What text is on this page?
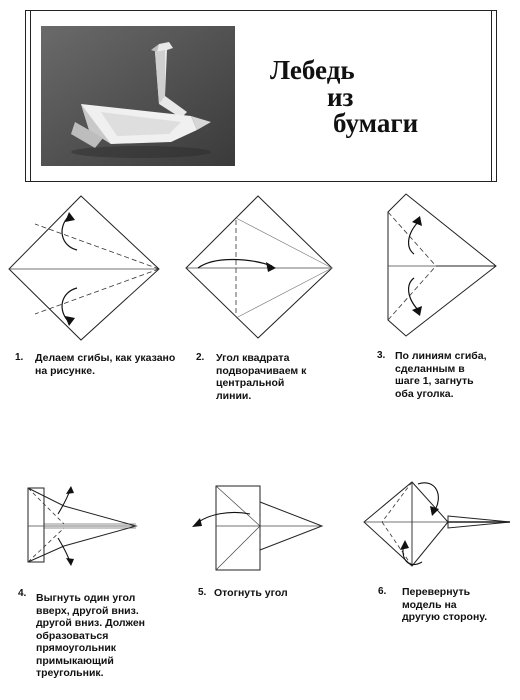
Лебедь
из
бумаги
1. Делаем сгибы, как указано
на рисунке.
2. Угол квадрата
подворачиваем к
центральной
линии.
3. По линиям сгиба,
сделанным в
шаге 1, загнуть
оба уголка.
4. Выгнуть один угол
вверх, другой вниз.
другой вниз. Должен
образоваться
прямоугольник
примыкающий
треугольник.
5. Отогнуть угол	6. Перевернуть
модель на
другую сторону.
